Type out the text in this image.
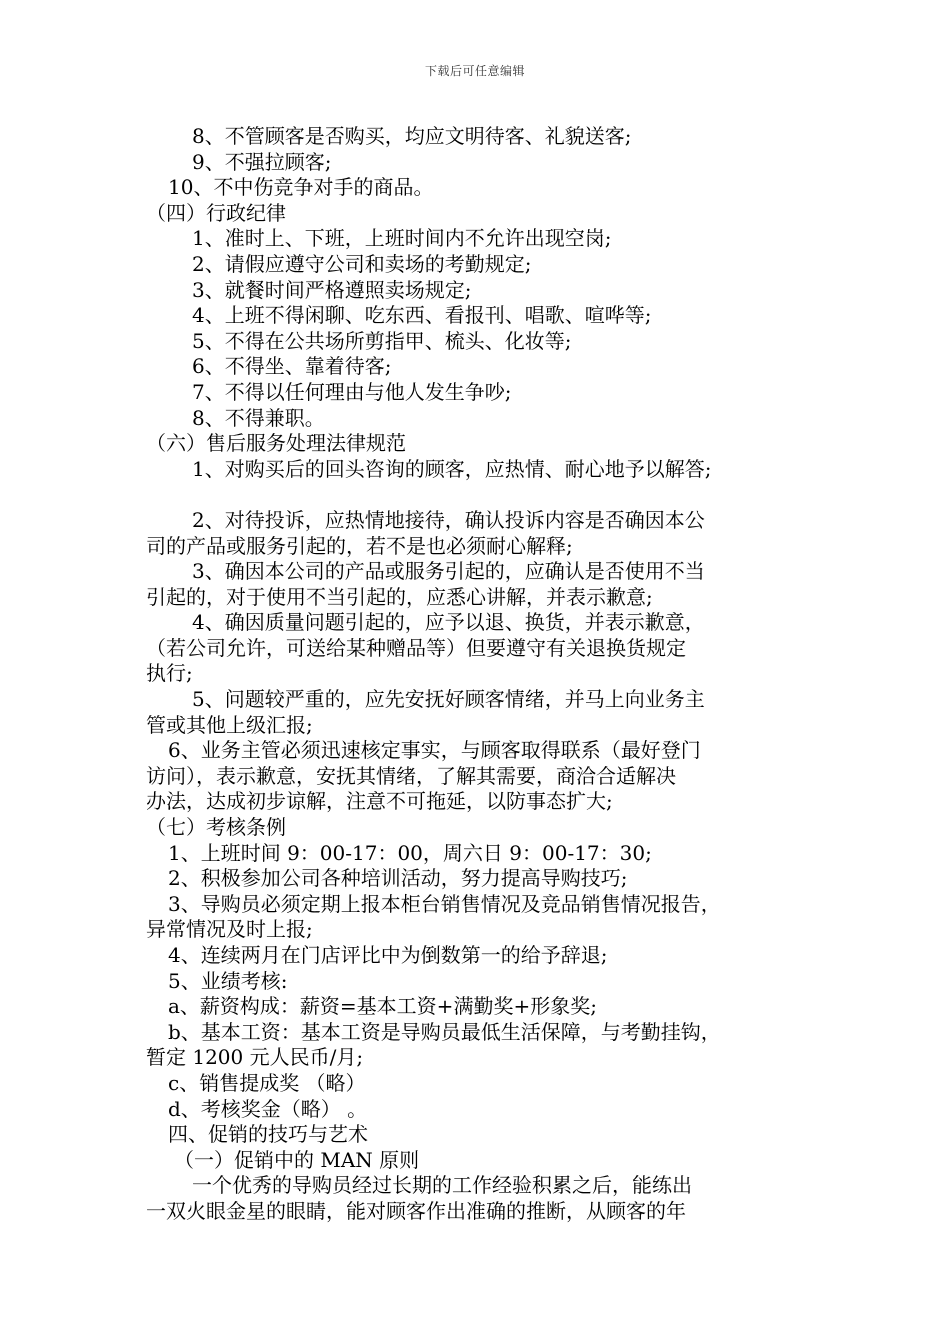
下载后可任意编辑
8、不管顾客是否购买，均应文明待客、礼貌送客;
9、不强拉顾客;
10、不中伤竞争对手的商品。
（四）行政纪律
1、准时上、下班，上班时间内不允许出现空岗;
2、请假应遵守公司和卖场的考勤规定;
3、就餐时间严格遵照卖场规定;
4、上班不得闲聊、吃东西、看报刊、唱歌、喧哗等;
5、不得在公共场所剪指甲、梳头、化妆等;
6、不得坐、靠着待客;
7、不得以任何理由与他人发生争吵;
8、不得兼职。
（六）售后服务处理法律规范
1、对购买后的回头咨询的顾客，应热情、耐心地予以解答;
2、对待投诉，应热情地接待，确认投诉内容是否确因本公
司的产品或服务引起的，若不是也必须耐心解释;
3、确因本公司的产品或服务引起的，应确认是否使用不当
引起的，对于使用不当引起的，应悉心讲解，并表示歉意;
4、确因质量问题引起的，应予以退、换货，并表示歉意，
（若公司允许，可送给某种赠品等）但要遵守有关退换货规定
执行;
5、问题较严重的，应先安抚好顾客情绪，并马上向业务主
管或其他上级汇报;
6、业务主管必须迅速核定事实，与顾客取得联系（最好登门
访问），表示歉意，安抚其情绪，了解其需要，商洽合适解决
办法，达成初步谅解，注意不可拖延，以防事态扩大;
（七）考核条例
1、上班时间 9：00-17：00，周六日 9：00-17：30;
2、积极参加公司各种培训活动，努力提高导购技巧;
3、导购员必须定期上报本柜台销售情况及竞品销售情况报告，
异常情况及时上报;
4、连续两月在门店评比中为倒数第一的给予辞退;
5、业绩考核:
a、薪资构成：薪资=基本工资+满勤奖+形象奖;
b、基本工资：基本工资是导购员最低生活保障，与考勤挂钩，
暂定 1200 元人民币/月;
c、销售提成奖 （略）
d、考核奖金（略） 。
四、促销的技巧与艺术
（一）促销中的 MAN 原则
一个优秀的导购员经过长期的工作经验积累之后，能练出
一双火眼金星的眼睛，能对顾客作出准确的推断，从顾客的年
